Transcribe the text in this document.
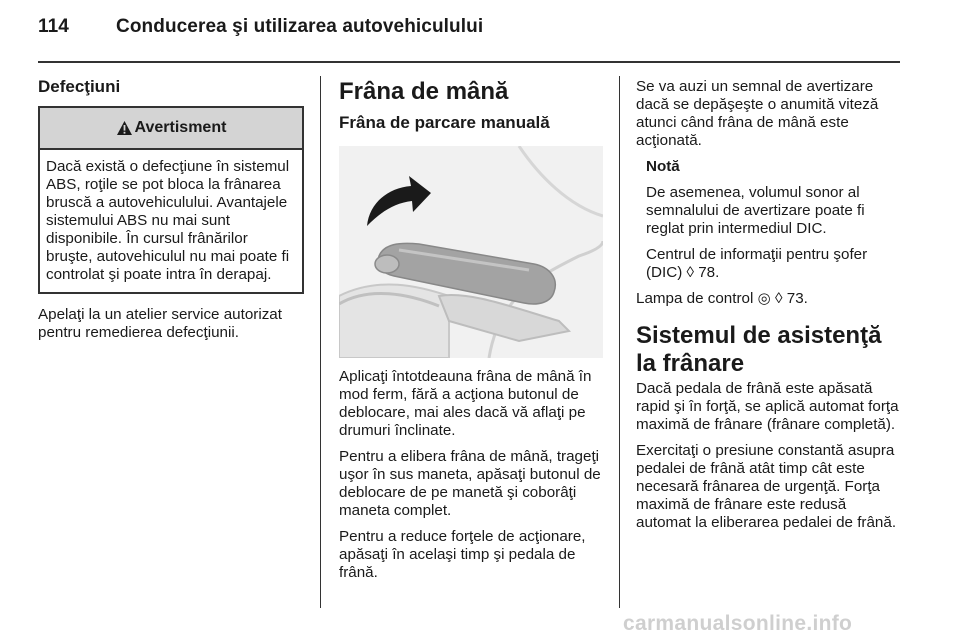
114 Conducerea şi utilizarea autovehiculului
Defecţiuni
Avertisment
Dacă există o defecţiune în sistemul ABS, roţile se pot bloca la frânarea bruscă a autovehiculului. Avantajele sistemului ABS nu mai sunt disponibile. În cursul frânărilor bruşte, autovehiculul nu mai poate fi controlat şi poate intra în derapaj.

Apelaţi la un atelier service autorizat pentru remedierea defecţiunii.

Frâna de mână
Frâna de parcare manuală

Aplicaţi întotdeauna frâna de mână în mod ferm, fără a acţiona butonul de deblocare, mai ales dacă vă aflaţi pe drumuri înclinate.

Pentru a elibera frâna de mână, trageţi uşor în sus maneta, apăsaţi butonul de deblocare de pe manetă şi coborâţi maneta complet.

Pentru a reduce forţele de acţionare, apăsaţi în acelaşi timp şi pedala de frână.

Se va auzi un semnal de avertizare dacă se depăşeşte o anumită viteză atunci când frâna de mână este acţionată.

Notă

De asemenea, volumul sonor al semnalului de avertizare poate fi reglat prin intermediul DIC.

Centrul de informaţii pentru şofer (DIC) ◊ 78.

Lampa de control ◎ ◊ 73.

Sistemul de asistenţă la frânare

Dacă pedala de frână este apăsată rapid şi în forţă, se aplică automat forţa maximă de frânare (frânare completă).

Exercitaţi o presiune constantă asupra pedalei de frână atât timp cât este necesară frânarea de urgenţă. Forţa maximă de frânare este redusă automat la eliberarea pedalei de frână.

carmanualsonline.info
